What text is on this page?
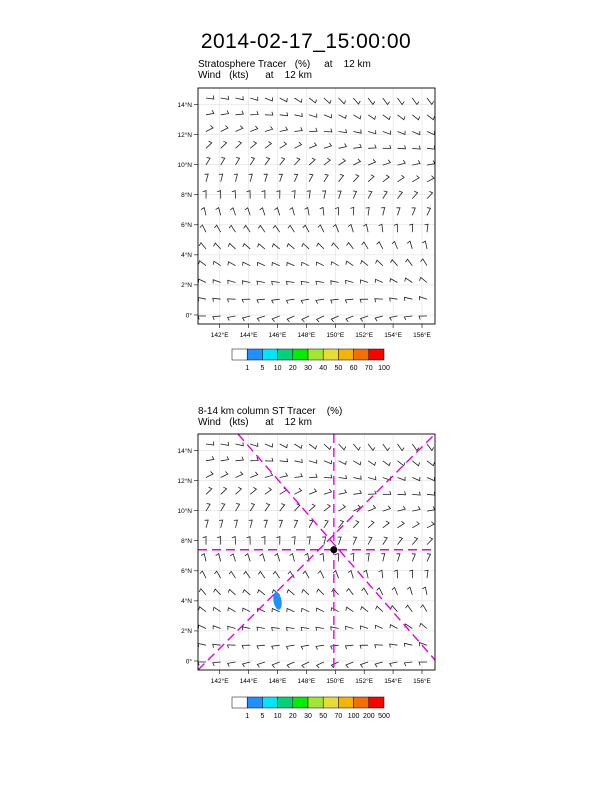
2014-02-17_15:00:00
Stratosphere Tracer   (%)     at    12 km
Wind   (kts)      at    12 km
8-14 km column ST Tracer    (%)
Wind   (kts)      at    12 km
142°E 144°E 146°E 148°E 150°E 152°E 154°E 156°E
0°
2°N
4°N
6°N
8°N
10°N
12°N
14°N
142°E 144°E 146°E 148°E 150°E 152°E 154°E 156°E
0°
2°N
4°N
6°N
8°N
10°N
12°N
14°N
1 5 10 20 30 40 50 60 70 100
1 5 10 20 30 50 70 100 200 500
